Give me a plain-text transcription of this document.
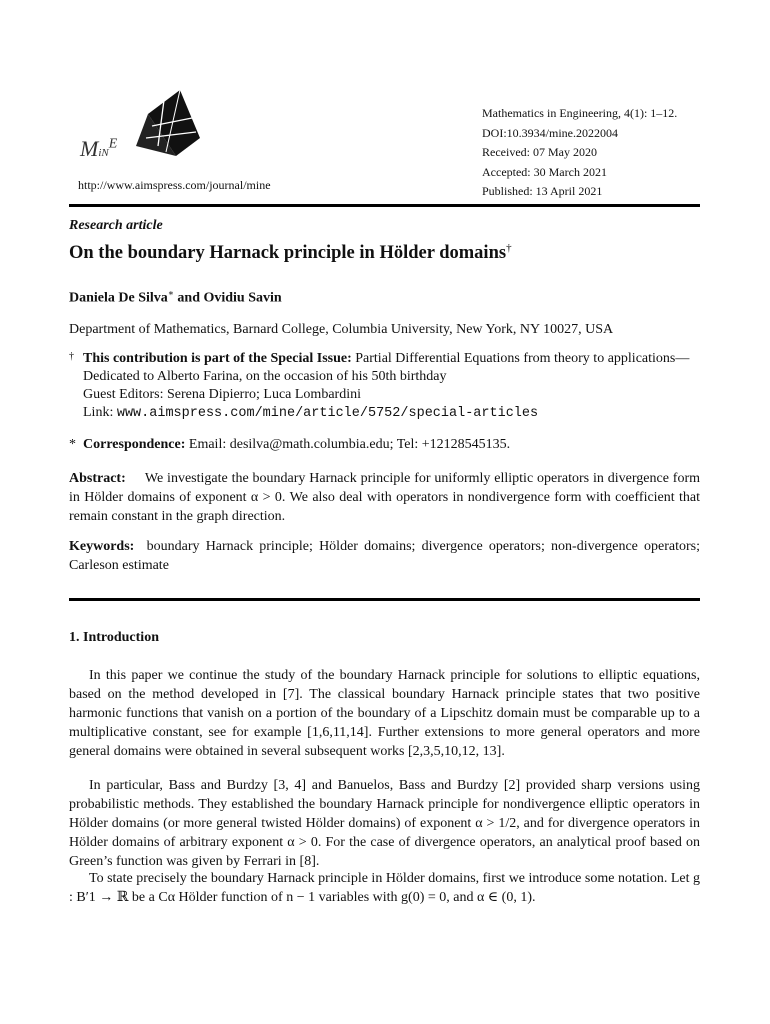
MiN$^E$
http://www.aimspress.com/journal/mine
Mathematics in Engineering, 4(1): 1–12.
DOI:10.3934/mine.2022004
Received: 07 May 2020
Accepted: 30 March 2021
Published: 13 April 2021
Research article
On the boundary Harnack principle in Hölder domains†
Daniela De Silva∗ and Ovidiu Savin
Department of Mathematics, Barnard College, Columbia University, New York, NY 10027, USA
† This contribution is part of the Special Issue: Partial Differential Equations from theory to applications—Dedicated to Alberto Farina, on the occasion of his 50th birthday
Guest Editors: Serena Dipierro; Luca Lombardini
Link: www.aimspress.com/mine/article/5752/special-articles
* Correspondence: Email: desilva@math.columbia.edu; Tel: +12128545135.
Abstract: We investigate the boundary Harnack principle for uniformly elliptic operators in divergence form in Hölder domains of exponent α > 0. We also deal with operators in nondivergence form with coefficient that remain constant in the graph direction.
Keywords: boundary Harnack principle; Hölder domains; divergence operators; non-divergence operators; Carleson estimate
1. Introduction
In this paper we continue the study of the boundary Harnack principle for solutions to elliptic equations, based on the method developed in [7]. The classical boundary Harnack principle states that two positive harmonic functions that vanish on a portion of the boundary of a Lipschitz domain must be comparable up to a multiplicative constant, see for example [1,6,11,14]. Further extensions to more general operators and more general domains were obtained in several subsequent works [2,3,5,10,12, 13].
In particular, Bass and Burdzy [3, 4] and Banuelos, Bass and Burdzy [2] provided sharp versions using probabilistic methods. They established the boundary Harnack principle for nondivergence elliptic operators in Hölder domains (or more general twisted Hölder domains) of exponent α > 1/2, and for divergence operators in Hölder domains of arbitrary exponent α > 0. For the case of divergence operators, an analytical proof based on Green’s function was given by Ferrari in [8].
To state precisely the boundary Harnack principle in Hölder domains, first we introduce some notation. Let g : B′1 → ℝ be a Cα Hölder function of n − 1 variables with g(0) = 0, and α ∈ (0, 1).
